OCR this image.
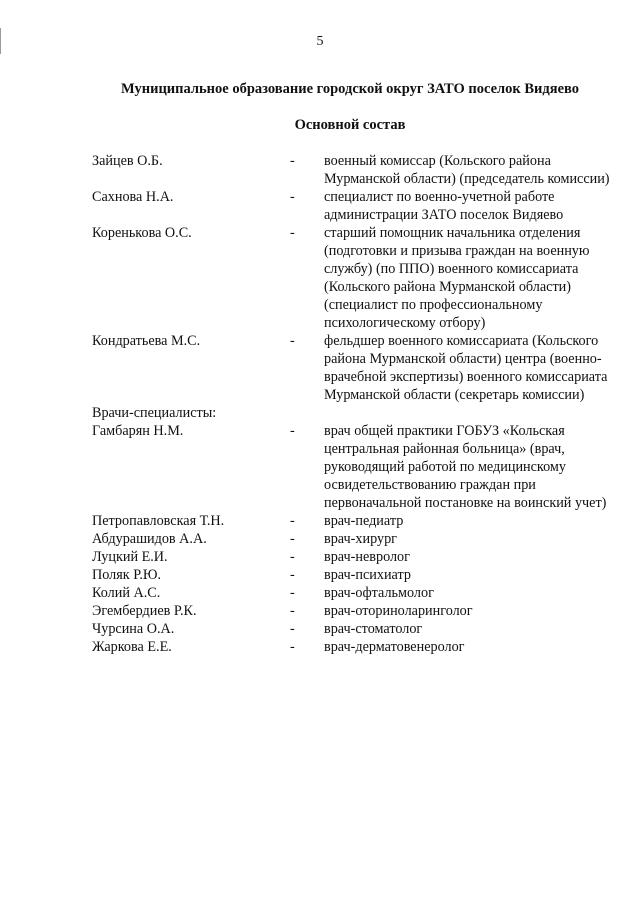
5
Муниципальное образование городской округ ЗАТО поселок Видяево
Основной состав
Зайцев О.Б.	-	военный комиссар (Кольского района Мурманской области) (председатель комиссии)
Сахнова Н.А.	-	специалист по военно-учетной работе администрации ЗАТО поселок Видяево
Коренькова О.С.	-	старший помощник начальника отделения (подготовки и призыва граждан на военную службу) (по ППО) военного комиссариата (Кольского района Мурманской области) (специалист по профессиональному психологическому отбору)
Кондратьева М.С.	-	фельдшер военного комиссариата (Кольского района Мурманской области) центра (военно-врачебной экспертизы) военного комиссариата Мурманской области (секретарь комиссии)
Врачи-специалисты:
Гамбарян Н.М.	-	врач общей практики ГОБУЗ «Кольская центральная районная больница» (врач, руководящий работой по медицинскому освидетельствованию граждан при первоначальной постановке на воинский учет)
Петропавловская Т.Н.	-	врач-педиатр
Абдурашидов А.А.	-	врач-хирург
Луцкий Е.И.	-	врач-невролог
Поляк Р.Ю.	-	врач-психиатр
Колий А.С.	-	врач-офтальмолог
Эгембердиев Р.К.	-	врач-оториноларинголог
Чурсина О.А.	-	врач-стоматолог
Жаркова Е.Е.	-	врач-дерматовенеролог
